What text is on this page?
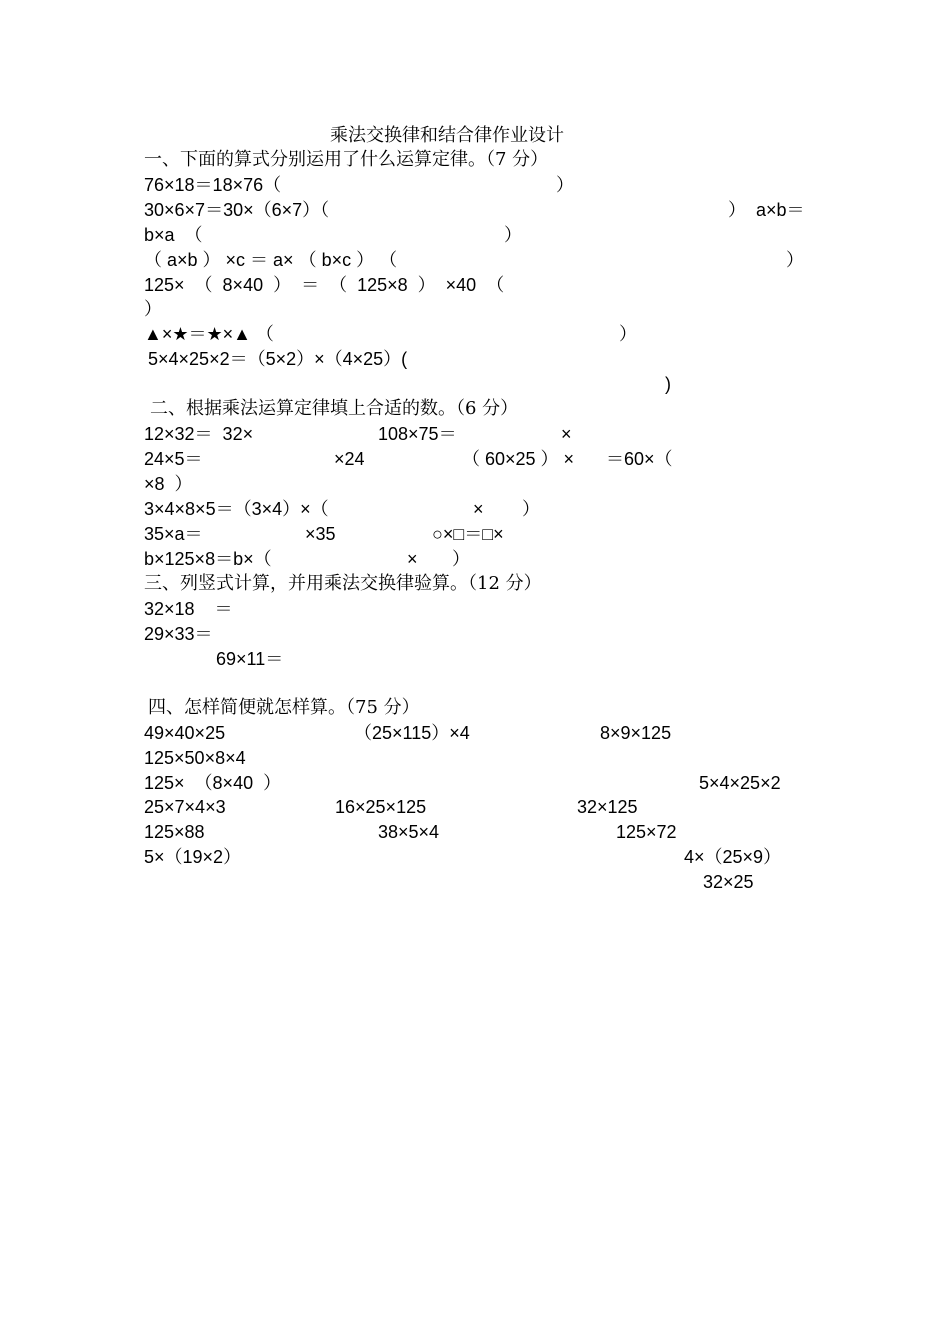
乘法交换律和结合律作业设计
一、下面的算式分别运用了什么运算定律。（7 分）
76×18＝18×76（	）
30×6×7＝30×（6×7）（	）  a×b＝
b×a  （	）
（ a×b ） ×c ＝ a× （ b×c ） （	）
125×  （  8×40  ）  ＝  （  125×8  ）  ×40  （
）
▲×★＝★×▲ （	）
5×4×25×2＝（5×2）×（4×25）(
)
二、根据乘法运算定律填上合适的数。（6 分）
12×32＝  32×	108×75＝	×
24×5＝	×24	（ 60×25 ） × ＝60×（
×8  ）
3×4×8×5＝（3×4）×（	× ）
35×a＝	×35	○×□＝□×
b×125×8＝b×（	× ）
三、列竖式计算，并用乘法交换律验算。（12 分）
32×18    ＝
29×33＝
69×11＝
四、怎样简便就怎样算。（75 分）
49×40×25	（25×115）×4	8×9×125
125×50×8×4
125×  （8×40  ）	5×4×25×2
25×7×4×3	16×25×125	32×125
125×88	38×5×4	125×72
5×（19×2）	4×（25×9）
32×25
